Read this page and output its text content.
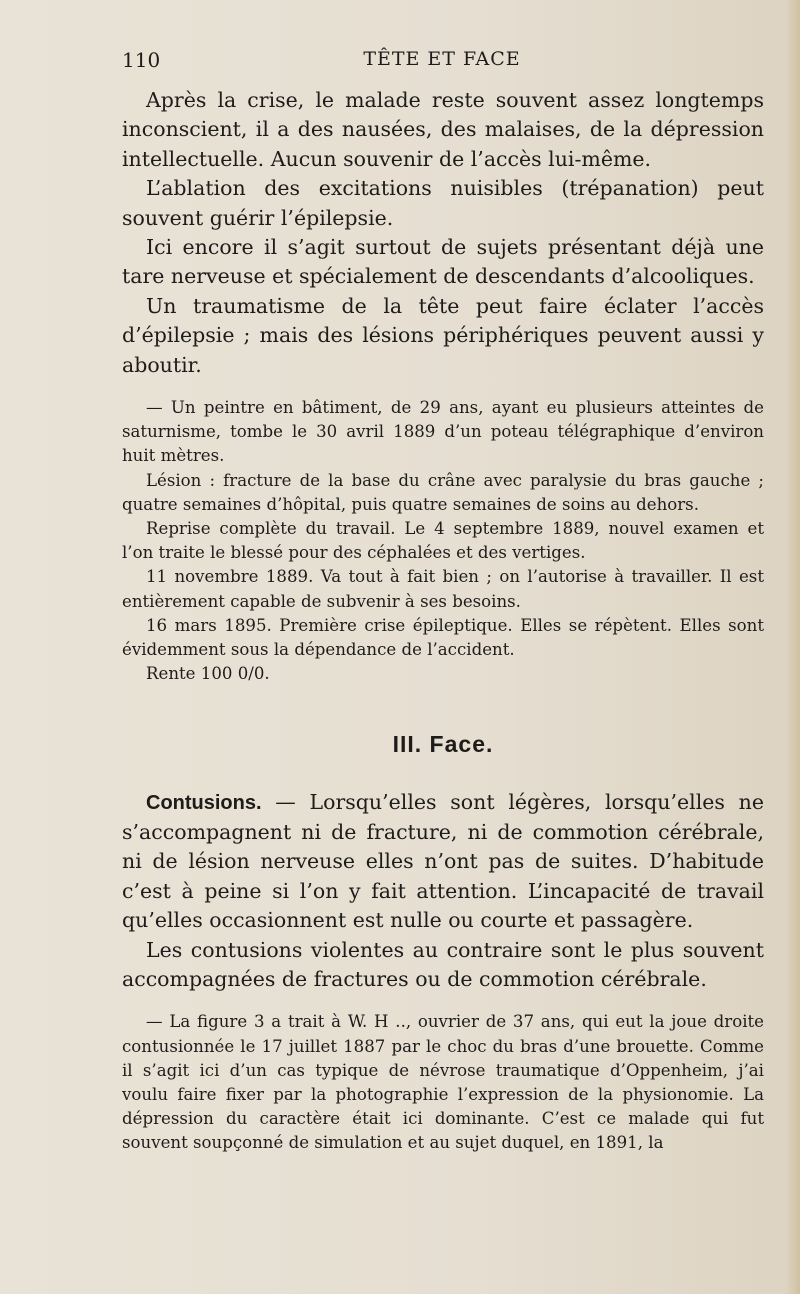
110	TÊTE ET FACE

Après la crise, le malade reste souvent assez longtemps inconscient, il a des nausées, des malaises, de la dépression intellectuelle. Aucun souvenir de l’accès lui-même.

L’ablation des excitations nuisibles (trépanation) peut souvent guérir l’épilepsie.

Ici encore il s’agit surtout de sujets présentant déjà une tare nerveuse et spécialement de descendants d’alcooliques.

Un traumatisme de la tête peut faire éclater l’accès d’épilepsie ; mais des lésions périphériques peuvent aussi y aboutir.

— Un peintre en bâtiment, de 29 ans, ayant eu plusieurs atteintes de saturnisme, tombe le 30 avril 1889 d’un poteau télégraphique d’environ huit mètres.

Lésion : fracture de la base du crâne avec paralysie du bras gauche ; quatre semaines d’hôpital, puis quatre semaines de soins au dehors.

Reprise complète du travail. Le 4 septembre 1889, nouvel examen et l’on traite le blessé pour des céphalées et des vertiges.

11 novembre 1889. Va tout à fait bien ; on l’autorise à travailler. Il est entièrement capable de subvenir à ses besoins.

16 mars 1895. Première crise épileptique. Elles se répètent. Elles sont évidemment sous la dépendance de l’accident.

Rente 100 0/0.

III. Face.

Contusions. — Lorsqu’elles sont légères, lorsqu’elles ne s’accompagnent ni de fracture, ni de commotion cérébrale, ni de lésion nerveuse elles n’ont pas de suites. D’habitude c’est à peine si l’on y fait attention. L’incapacité de travail qu’elles occasionnent est nulle ou courte et passagère.

Les contusions violentes au contraire sont le plus souvent accompagnées de fractures ou de commotion cérébrale.

— La figure 3 a trait à W. H .., ouvrier de 37 ans, qui eut la joue droite contusionnée le 17 juillet 1887 par le choc du bras d’une brouette. Comme il s’agit ici d’un cas typique de névrose traumatique d’Oppenheim, j’ai voulu faire fixer par la photographie l’expression de la physionomie. La dépression du caractère était ici dominante. C’est ce malade qui fut souvent soupçonné de simulation et au sujet duquel, en 1891, la
